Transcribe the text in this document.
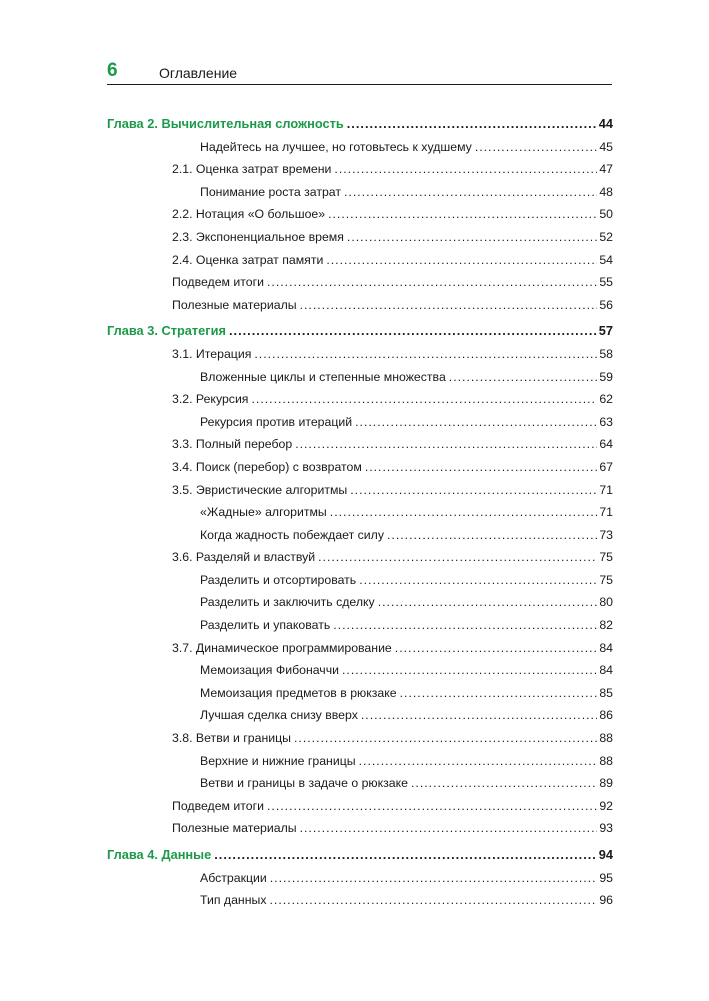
6	Оглавление
Глава 2. Вычислительная сложность .....	44
Надейтесь на лучшее, но готовьтесь к худшему .....	45
2.1. Оценка затрат времени .....	47
Понимание роста затрат .....	48
2.2. Нотация «О большое» .....	50
2.3. Экспоненциальное время .....	52
2.4. Оценка затрат памяти .....	54
Подведем итоги .....	55
Полезные материалы .....	56
Глава 3. Стратегия .....	57
3.1. Итерация .....	58
Вложенные циклы и степенные множества .....	59
3.2. Рекурсия .....	62
Рекурсия против итераций .....	63
3.3. Полный перебор .....	64
3.4. Поиск (перебор) с возвратом .....	67
3.5. Эвристические алгоритмы .....	71
«Жадные» алгоритмы .....	71
Когда жадность побеждает силу .....	73
3.6. Разделяй и властвуй .....	75
Разделить и отсортировать .....	75
Разделить и заключить сделку .....	80
Разделить и упаковать .....	82
3.7. Динамическое программирование .....	84
Мемоизация Фибоначчи .....	84
Мемоизация предметов в рюкзаке .....	85
Лучшая сделка снизу вверх .....	86
3.8. Ветви и границы .....	88
Верхние и нижние границы .....	88
Ветви и границы в задаче о рюкзаке .....	89
Подведем итоги .....	92
Полезные материалы .....	93
Глава 4. Данные .....	94
Абстракции .....	95
Тип данных .....	96
